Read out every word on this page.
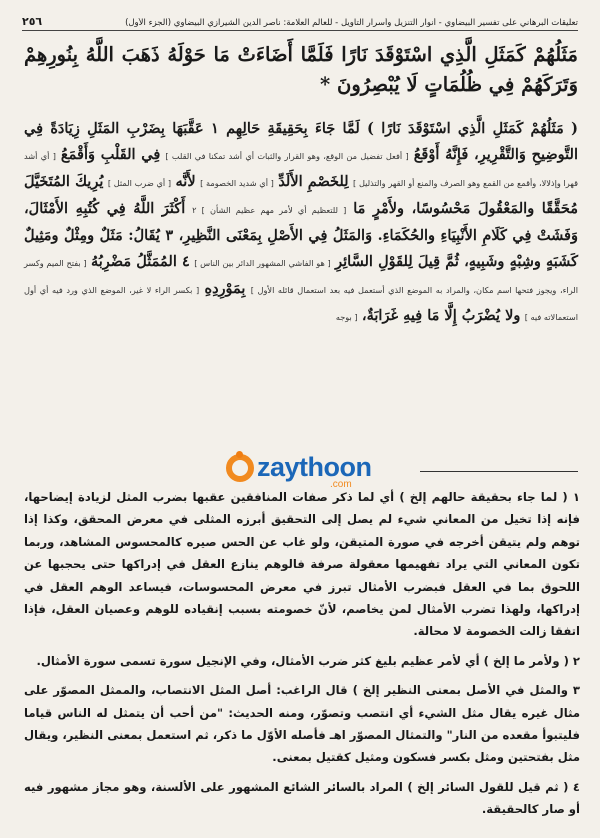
تعليقات البرهاني على تفسير البيضاوي - أنوار التنزيل وأسرار التأويل - للعالم العلامة: ناصر الدين الشيرازي البيضاوي (الجزء الأول)
٢٥٦
مَثَلُهُمْ كَمَثَلِ الَّذِي اسْتَوْقَدَ نَارًا فَلَمَّا أَضَاءَتْ مَا حَوْلَهُ ذَهَبَ اللَّهُ بِنُورِهِمْ وَتَرَكَهُمْ فِي ظُلُمَاتٍ لَا يُبْصِرُونَ *
( مَثَلُهُمْ كَمَثَلِ الَّذِي اسْتَوْقَدَ نَارًا ) لَمَّا جَاءَ بِحَقِيقَةِ حَالِهِم ١ عَقَّبَهَا بِضَرْبِ المَثَلِ زِيَادَةً فِي التَّوضِيحِ وَالتَّقْرِيرِ، فَإِنَّهُ أَوْقَعُ [ أفعل تفضيل من الوقع، وهو القرار والثبات أي أشد تمكنا في القلب ] فِي القَلْبِ وَأَقْمَعُ [ أي أشد قهرا وإذلالا، وأقمع من القمع وهو الصرف والمنع أو القهر والتذليل ] لِلخَصْمِ الأَلَدِّ [ أي شديد الخصومة ] لأَنَّه [ أي ضرب المثل ] يُرِيكَ المُتَخَيَّلَ مُحَقَّقًا والمَعْقُولَ مَحْسُوسًا، ولأَمْرٍ مَا [ للتعظيم أي لأمر مهم عظيم الشأن ] ٢ أَكْثَرَ اللَّهُ فِي كُتُبِهِ الأَمْثَالَ، وَفَشَتْ فِي كَلَامِ الأَنْبِيَاءِ والحُكَمَاءِ. وَالمَثَلُ فِي الأَصْلِ بِمَعْنَى النَّظِيرِ، ٣ يُقَالُ: مَثَلٌ ومِثْلٌ ومَثِيلٌ كَشَبَهٍ وشِبْهٍ وشَبِيهٍ، ثُمَّ قِيلَ لِلقَوْلِ السَّائِرِ [ هو الفاشي المشهور الدائر بين الناس ] ٤ المُمَثَّلُ مَضْرِبُهُ [ بفتح الميم وكسر الراء، ويجوز فتحها اسم مكان، والمراد به الموضع الذي أستعمل فيه بعد استعمال قائله الأول ] بِمَوْرِدِهِ [ بكسر الراء لا غير، الموضع الذي ورد فيه أي أول استعمالاته فيه ] ولا يُضْرَبُ إِلَّا مَا فِيهِ غَرَابَةٌ، [ بوجه
zaythoon
.com

١ ( لما جاء بحقيقة حالهم إلخ ) أي لما ذكر صفات المنافقين عقبها بضرب المثل لزيادة إيضاحها، فإنه إذا تخيل من المعاني شيء لم يصل إلى التحقيق أبرزه المثلى في معرض المحقق، وكذا إذا توهم ولم يتيقن أخرجه في صورة المتيقن، ولو غاب عن الحس صيره كالمحسوس المشاهد، وربما تكون المعاني التي يراد تفهيمها معقولة صرفة فالوهم ينازع العقل في إدراكها حتى يحجبها عن اللحوق بما في العقل فبضرب الأمثال تبرز في معرض المحسوسات، فيساعد الوهم العقل في إدراكها، ولهذا تضرب الأمثال لمن يخاصم، لأنّ خصومته بسبب إنقياده للوهم وعصيان العقل، فإذا اتفقا زالت الخصومة لا محالة.

٢ ( ولأمر ما إلخ ) أي لأمر عظيم بليغ كثر ضرب الأمثال، وفي الإنجيل سورة تسمى سورة الأمثال.

٣ والمثل في الأصل بمعنى النظير إلخ ) قال الراغب: أصل المثل الانتصاب، والممثل المصوّر على مثال غيره يقال مثل الشيء أي انتصب وتصوّر، ومنه الحديث: "من أحب أن يتمثل له الناس قياما فليتبوأ مقعده من النار" والتمثال المصوّر اهـ فأصله الأوّل ما ذكر، ثم استعمل بمعنى النظير، ويقال مثل بفتحتين ومثل بكسر فسكون ومثيل كقتيل بمعنى.

٤ ( ثم قيل للقول السائر إلخ ) المراد بالسائر الشائع المشهور على الألسنة، وهو مجاز مشهور فيه أو صار كالحقيقة.
